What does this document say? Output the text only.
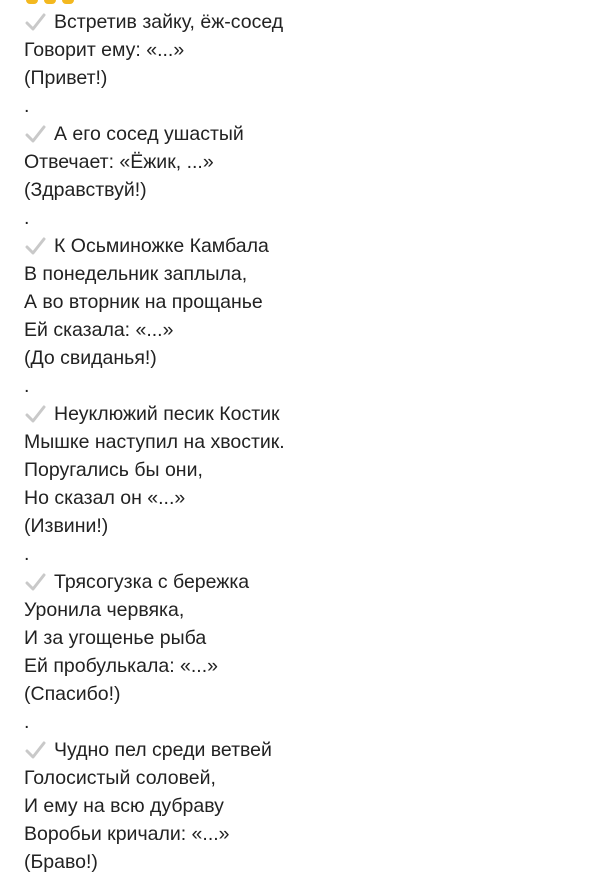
Встретив зайку, ёж-сосед
Говорит ему: «...»
(Привет!)
.
А его сосед ушастый
Отвечает: «Ёжик, ...»
(Здравствуй!)
.
К Осьминожке Камбала
В понедельник заплыла,
А во вторник на прощанье
Ей сказала: «...»
(До свиданья!)
.
Неуклюжий песик Костик
Мышке наступил на хвостик.
Поругались бы они,
Но сказал он «...»
(Извини!)
.
Трясогузка с бережка
Уронила червяка,
И за угощенье рыба
Ей пробулькала: «...»
(Спасибо!)
.
Чудно пел среди ветвей
Голосистый соловей,
И ему на всю дубраву
Воробьи кричали: «...»
(Браво!)
